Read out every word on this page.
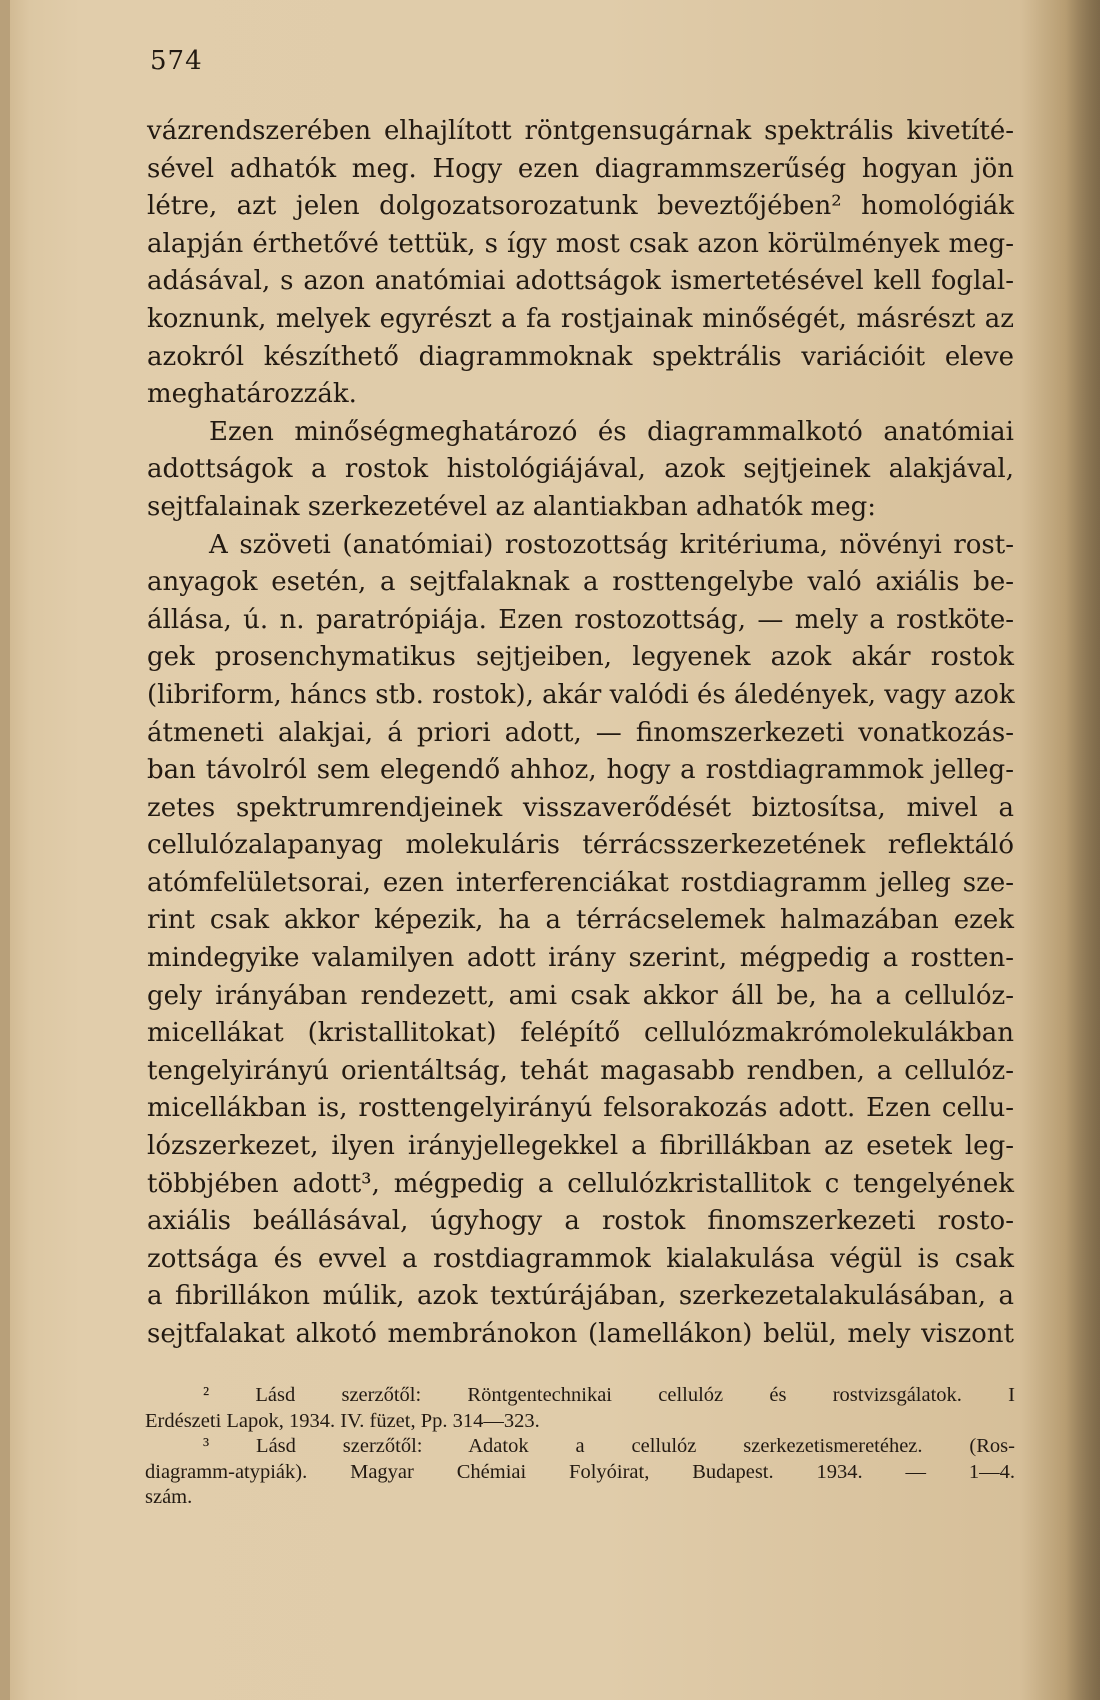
574
vázrendszerében elhajlított röntgensugárnak spektrális kivetíté-
sével adhatók meg. Hogy ezen diagrammszerűség hogyan jön
létre, azt jelen dolgozatsorozatunk beveztőjében² homológiák
alapján érthetővé tettük, s így most csak azon körülmények meg-
adásával, s azon anatómiai adottságok ismertetésével kell foglal-
koznunk, melyek egyrészt a fa rostjainak minőségét, másrészt az
azokról készíthető diagrammoknak spektrális variációit eleve
meghatározzák.
Ezen minőségmeghatározó és diagrammalkotó anatómiai
adottságok a rostok histológiájával, azok sejtjeinek alakjával,
sejtfalainak szerkezetével az alantiakban adhatók meg:
A szöveti (anatómiai) rostozottság kritériuma, növényi rost-
anyagok esetén, a sejtfalaknak a rosttengelybe való axiális be-
állása, ú. n. paratrópiája. Ezen rostozottság, — mely a rostköte-
gek prosenchymatikus sejtjeiben, legyenek azok akár rostok
(libriform, háncs stb. rostok), akár valódi és áledények, vagy azok
átmeneti alakjai, á priori adott, — finomszerkezeti vonatkozás-
ban távolról sem elegendő ahhoz, hogy a rostdiagrammok jelleg-
zetes spektrumrendjeinek visszaverődését biztosítsa, mivel a
cellulózalapanyag molekuláris térrácsszerkezetének reflektáló
atómfelületsorai, ezen interferenciákat rostdiagramm jelleg sze-
rint csak akkor képezik, ha a térrácselemek halmazában ezek
mindegyike valamilyen adott irány szerint, mégpedig a rostten-
gely irányában rendezett, ami csak akkor áll be, ha a cellulóz-
micellákat (kristallitokat) felépítő cellulózmakrómolekulákban
tengelyirányú orientáltság, tehát magasabb rendben, a cellulóz-
micellákban is, rosttengelyirányú felsorakozás adott. Ezen cellu-
lózszerkezet, ilyen irányjellegekkel a fibrillákban az esetek leg-
többjében adott³, mégpedig a cellulózkristallitok c tengelyének
axiális beállásával, úgyhogy a rostok finomszerkezeti rosto-
zottsága és evvel a rostdiagrammok kialakulása végül is csak
a fibrillákon múlik, azok textúrájában, szerkezetalakulásában, a
sejtfalakat alkotó membránokon (lamellákon) belül, mely viszont
² Lásd szerzőtől: Röntgentechnikai cellulóz és rostvizsgálatok. I
Erdészeti Lapok, 1934. IV. füzet, Pp. 314—323.
³ Lásd szerzőtől: Adatok a cellulóz szerkezetismeretéhez. (Ros-
diagramm-atypiák). Magyar Chémiai Folyóirat, Budapest. 1934. — 1—4.
szám.
